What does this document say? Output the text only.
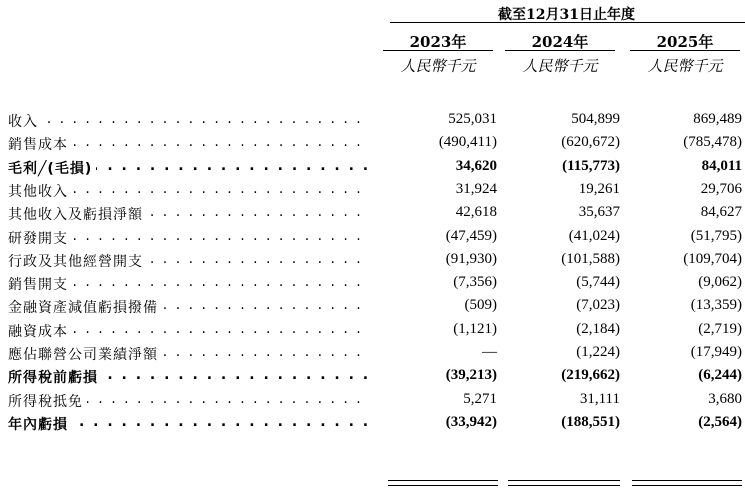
截至12月31日止年度
2023年
人民幣千元
2024年
人民幣千元
2025年
人民幣千元
收入 . . .	525,031	504,899	869,489
銷售成本 . . .	(490,411)	(620,672)	(785,478)
毛利╱(毛損) . . .	34,620	(115,773)	84,011
其他收入 . . .	31,924	19,261	29,706
其他收入及虧損淨額 . . .	42,618	35,637	84,627
研發開支 . . .	(47,459)	(41,024)	(51,795)
行政及其他經營開支 . . .	(91,930)	(101,588)	(109,704)
銷售開支 . . .	(7,356)	(5,744)	(9,062)
金融資產減值虧損撥備 . . .	(509)	(7,023)	(13,359)
融資成本 . . .	(1,121)	(2,184)	(2,719)
應佔聯營公司業績淨額 . . .	—	(1,224)	(17,949)
所得稅前虧損 . . .	(39,213)	(219,662)	(6,244)
所得稅抵免 . . .	5,271	31,111	3,680
年內虧損 . . .	(33,942)	(188,551)	(2,564)
